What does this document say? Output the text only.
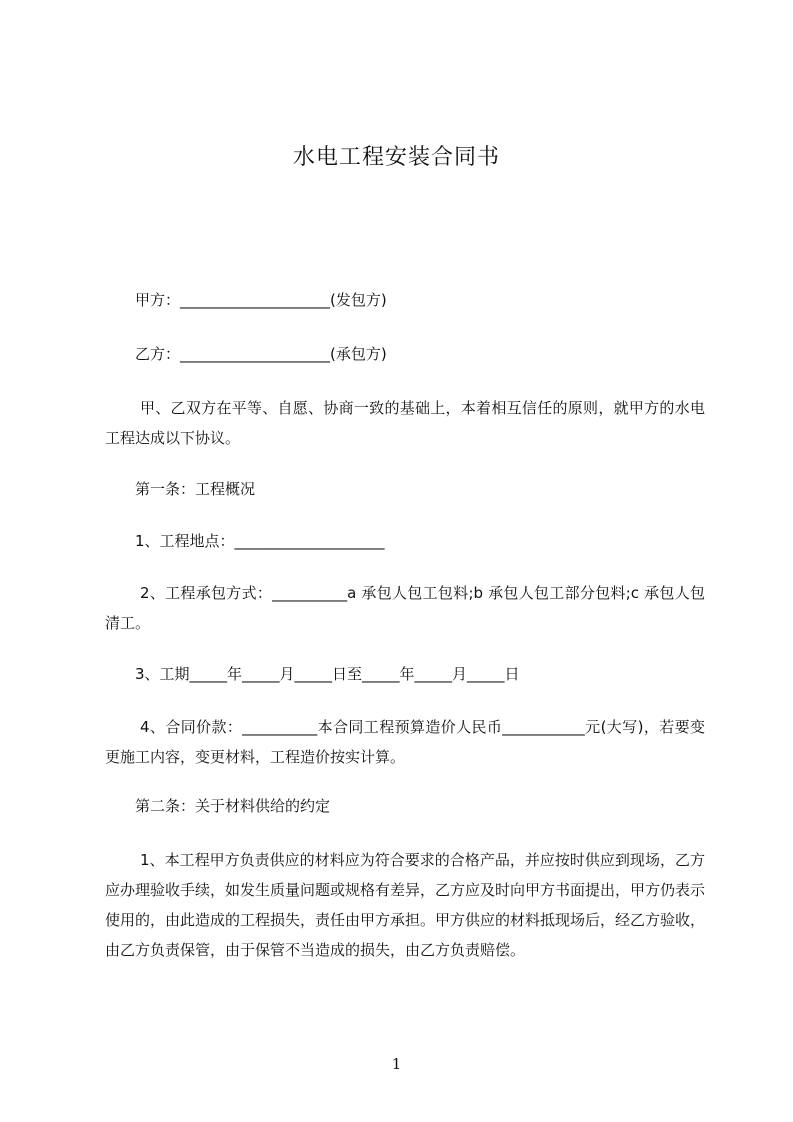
水电工程安装合同书
甲方：____________________(发包方)
乙方：____________________(承包方)
甲、乙双方在平等、自愿、协商一致的基础上，本着相互信任的原则，就甲方的水电工程达成以下协议。
第一条：工程概况
1、工程地点：____________________
2、工程承包方式：__________a 承包人包工包料;b 承包人包工部分包料;c 承包人包清工。
3、工期_____年_____月_____日至_____年_____月_____日
4、合同价款：__________本合同工程预算造价人民币___________元(大写)，若要变更施工内容，变更材料，工程造价按实计算。
第二条：关于材料供给的约定
1、本工程甲方负责供应的材料应为符合要求的合格产品，并应按时供应到现场，乙方应办理验收手续，如发生质量问题或规格有差异，乙方应及时向甲方书面提出，甲方仍表示使用的，由此造成的工程损失，责任由甲方承担。甲方供应的材料抵现场后，经乙方验收，由乙方负责保管，由于保管不当造成的损失，由乙方负责赔偿。
1
